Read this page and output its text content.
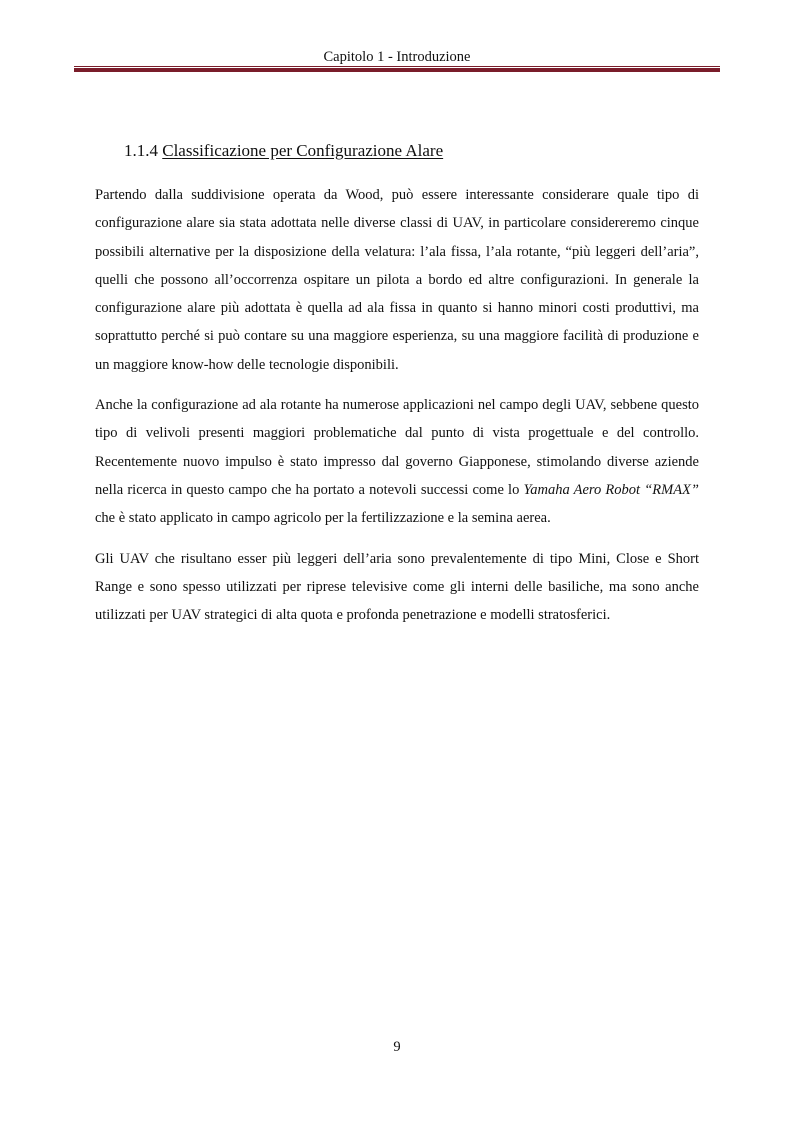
Capitolo 1 - Introduzione
1.1.4 Classificazione per Configurazione Alare

Partendo dalla suddivisione operata da Wood, può essere interessante considerare quale tipo di configurazione alare sia stata adottata nelle diverse classi di UAV, in particolare considereremo cinque possibili alternative per la disposizione della velatura: l’ala fissa, l’ala rotante, “più leggeri dell’aria”, quelli che possono all’occorrenza ospitare un pilota a bordo ed altre configurazioni. In generale la configurazione alare più adottata è quella ad ala fissa in quanto si hanno minori costi produttivi, ma soprattutto perché si può contare su una maggiore esperienza, su una maggiore facilità di produzione e un maggiore know-how delle tecnologie disponibili.

Anche la configurazione ad ala rotante ha numerose applicazioni nel campo degli UAV, sebbene questo tipo di velivoli presenti maggiori problematiche dal punto di vista progettuale e del controllo. Recentemente nuovo impulso è stato impresso dal governo Giapponese, stimolando diverse aziende nella ricerca in questo campo che ha portato a notevoli successi come lo Yamaha Aero Robot “RMAX” che è stato applicato in campo agricolo per la fertilizzazione e la semina aerea.

Gli UAV che risultano esser più leggeri dell’aria sono prevalentemente di tipo Mini, Close e Short Range e sono spesso utilizzati per riprese televisive come gli interni delle basiliche, ma sono anche utilizzati per UAV strategici di alta quota e profonda penetrazione e modelli stratosferici.

9
